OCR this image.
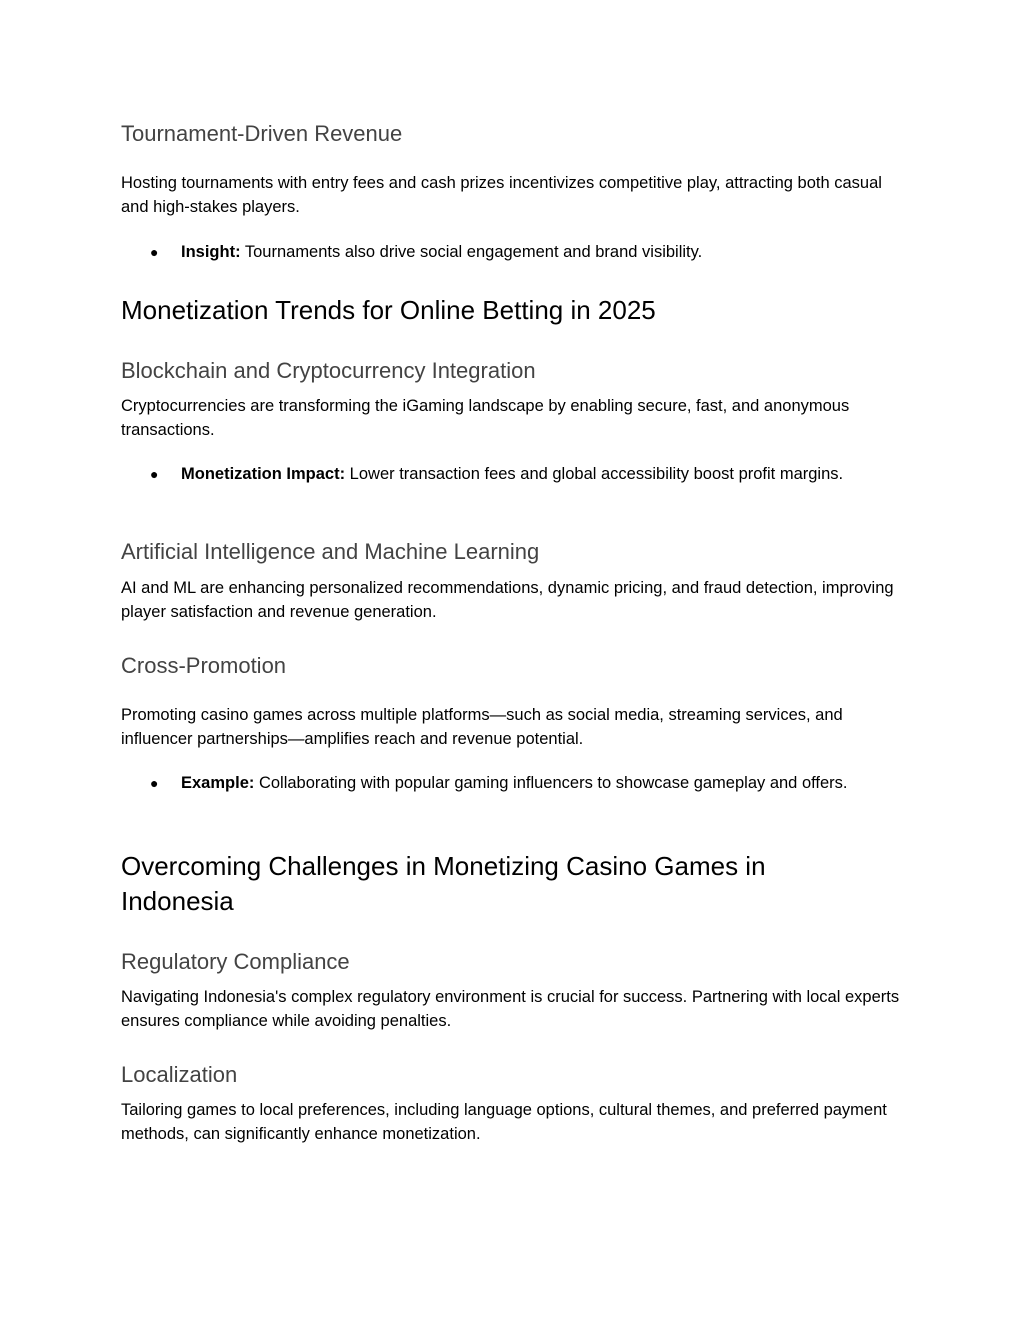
Tournament-Driven Revenue

Hosting tournaments with entry fees and cash prizes incentivizes competitive play, attracting both casual and high-stakes players.

●	Insight: Tournaments also drive social engagement and brand visibility.
Monetization Trends for Online Betting in 2025
Blockchain and Cryptocurrency Integration

Cryptocurrencies are transforming the iGaming landscape by enabling secure, fast, and anonymous transactions.

●	Monetization Impact: Lower transaction fees and global accessibility boost profit margins.
Artificial Intelligence and Machine Learning

AI and ML are enhancing personalized recommendations, dynamic pricing, and fraud detection, improving player satisfaction and revenue generation.

Cross-Promotion

Promoting casino games across multiple platforms—such as social media, streaming services, and influencer partnerships—amplifies reach and revenue potential.

●	Example: Collaborating with popular gaming influencers to showcase gameplay and offers.
Overcoming Challenges in Monetizing Casino Games in Indonesia
Regulatory Compliance

Navigating Indonesia's complex regulatory environment is crucial for success. Partnering with local experts ensures compliance while avoiding penalties.

Localization

Tailoring games to local preferences, including language options, cultural themes, and preferred payment methods, can significantly enhance monetization.
